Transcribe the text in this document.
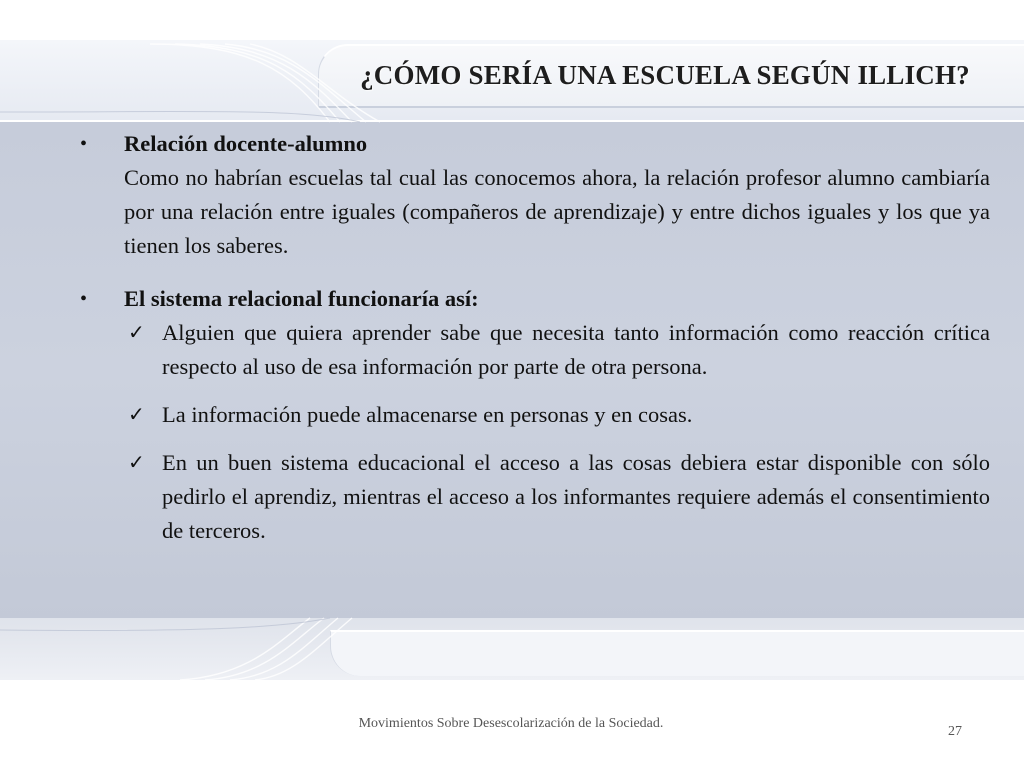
¿CÓMO SERÍA UNA ESCUELA SEGÚN ILLICH?
•	Relación docente-alumno
Como no habrían escuelas tal cual las conocemos ahora, la relación profesor alumno cambiaría por una relación entre iguales (compañeros de aprendizaje) y entre dichos iguales y los que ya tienen los saberes.
•	El sistema relacional funcionaría así:
✓ Alguien que quiera aprender sabe que necesita tanto información como reacción crítica respecto al uso de esa información por parte de otra persona.
✓ La información puede almacenarse en personas y en cosas.
✓ En un buen sistema educacional el acceso a las cosas debiera estar disponible con sólo pedirlo el aprendiz, mientras el acceso a los informantes requiere además el consentimiento de terceros.
Movimientos Sobre Desescolarización de la Sociedad.
27
